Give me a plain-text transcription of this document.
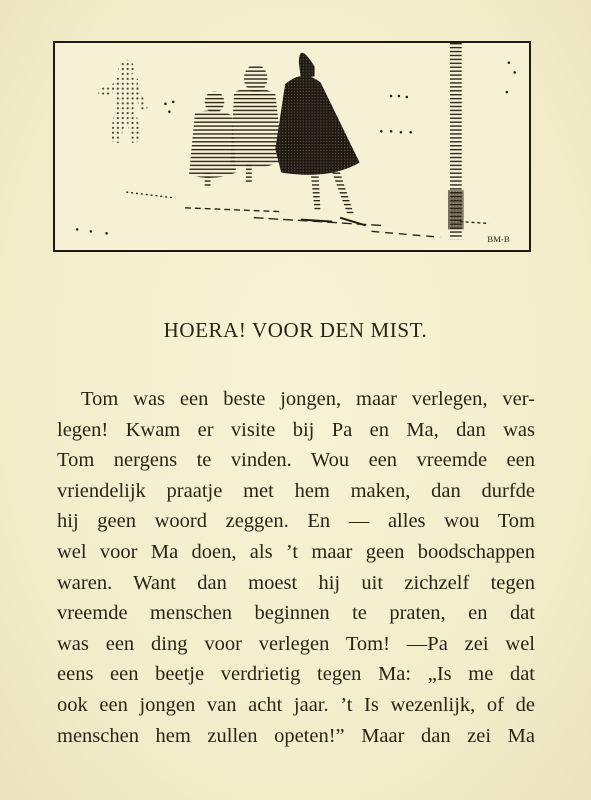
BM-B
HOERA! VOOR DEN MIST.
Tom was een beste jongen, maar verlegen, ver-
legen! Kwam er visite bij Pa en Ma, dan was
Tom nergens te vinden. Wou een vreemde een
vriendelijk praatje met hem maken, dan durfde
hij geen woord zeggen. En — alles wou Tom
wel voor Ma doen, als ’t maar geen boodschappen
waren. Want dan moest hij uit zichzelf tegen
vreemde menschen beginnen te praten, en dat
was een ding voor verlegen Tom! —Pa zei wel
eens een beetje verdrietig tegen Ma: „Is me dat
ook een jongen van acht jaar. ’t Is wezenlijk, of de
menschen hem zullen opeten!” Maar dan zei Ma
